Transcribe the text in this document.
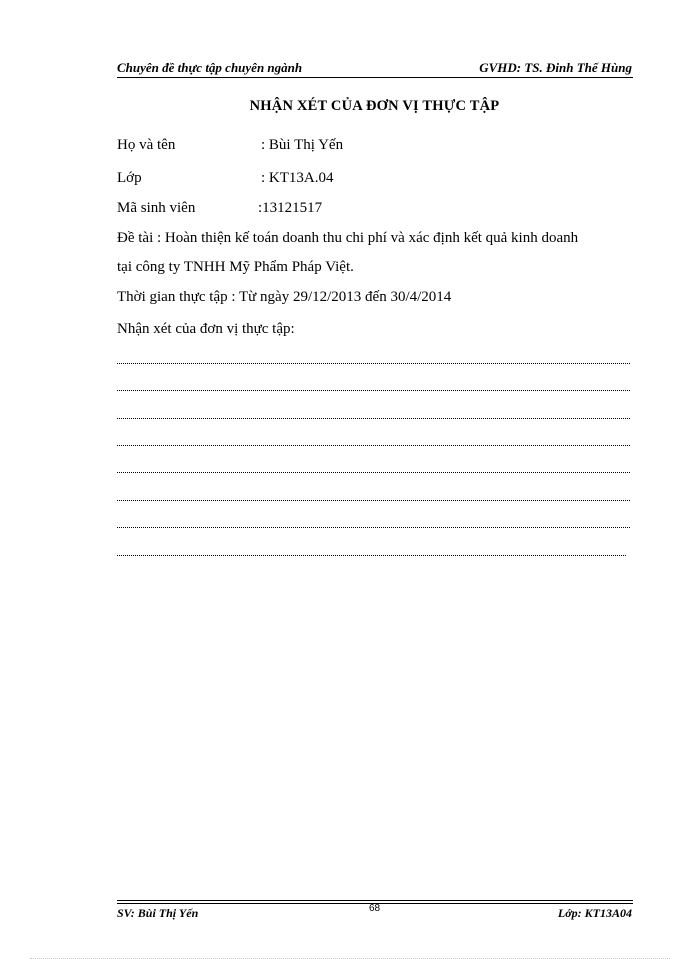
Chuyên đề thực tập chuyên ngành	GVHD: TS. Đinh Thế Hùng
NHẬN XÉT CỦA ĐƠN VỊ THỰC TẬP
Họ và tên	: Bùi Thị Yến
Lớp	: KT13A.04
Mã sinh viên	:13121517
Đề tài : Hoàn thiện kế toán doanh thu chi phí và xác định kết quả kinh doanh
tại công ty TNHH Mỹ Phẩm Pháp Việt.
Thời gian thực tập : Từ ngày 29/12/2013 đến 30/4/2014
Nhận xét của đơn vị thực tập:
SV: Bùi Thị Yến	68	Lớp: KT13A04
